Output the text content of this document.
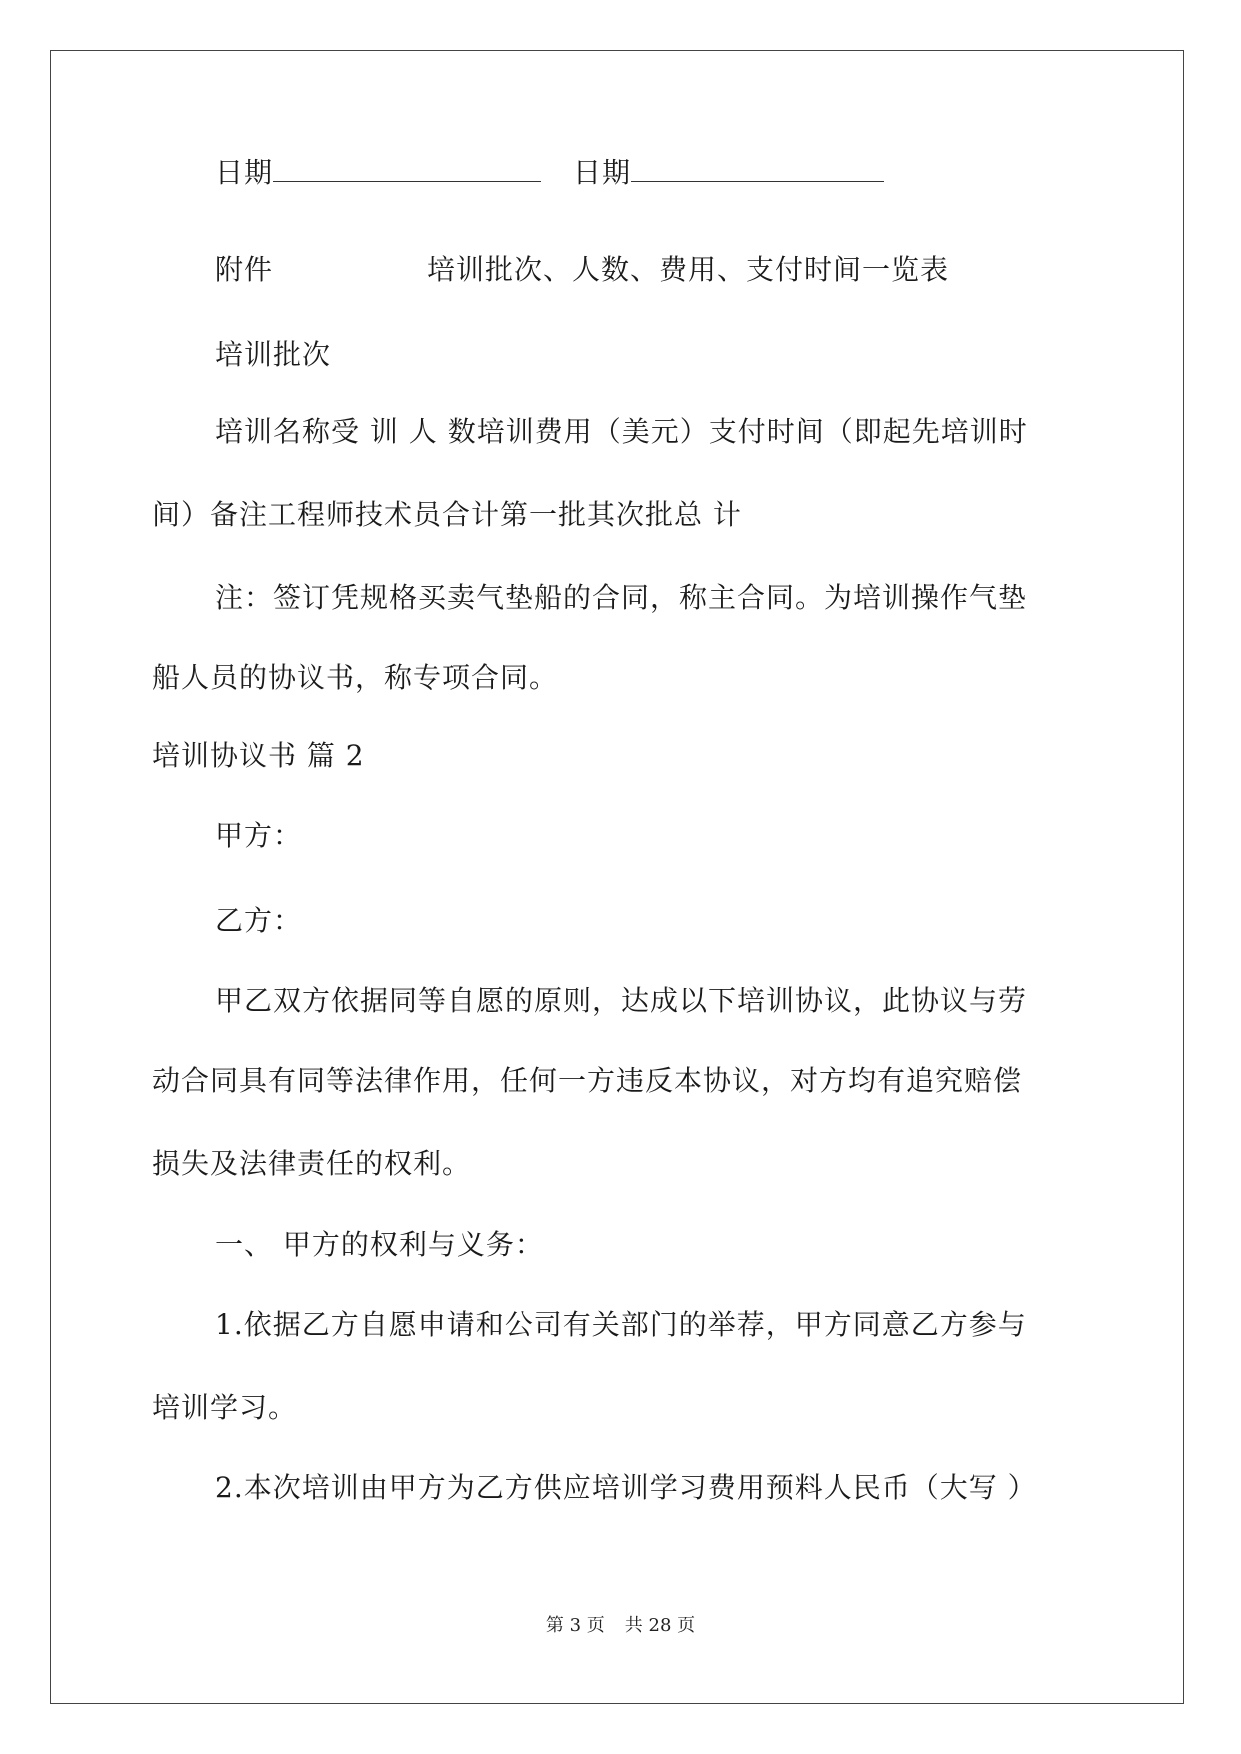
日期	日期
附件	培训批次、人数、费用、支付时间一览表
培训批次
培训名称受 训 人 数培训费用（美元）支付时间（即起先培训时
间）备注工程师技术员合计第一批其次批总 计
注：签订凭规格买卖气垫船的合同，称主合同。为培训操作气垫
船人员的协议书，称专项合同。
培训协议书 篇 2
甲方：
乙方：
甲乙双方依据同等自愿的原则，达成以下培训协议，此协议与劳
动合同具有同等法律作用，任何一方违反本协议，对方均有追究赔偿
损失及法律责任的权利。
一、 甲方的权利与义务：
1.依据乙方自愿申请和公司有关部门的举荐，甲方同意乙方参与
培训学习。
2.本次培训由甲方为乙方供应培训学习费用预料人民币（大写 ）
第 3 页 共 28 页
